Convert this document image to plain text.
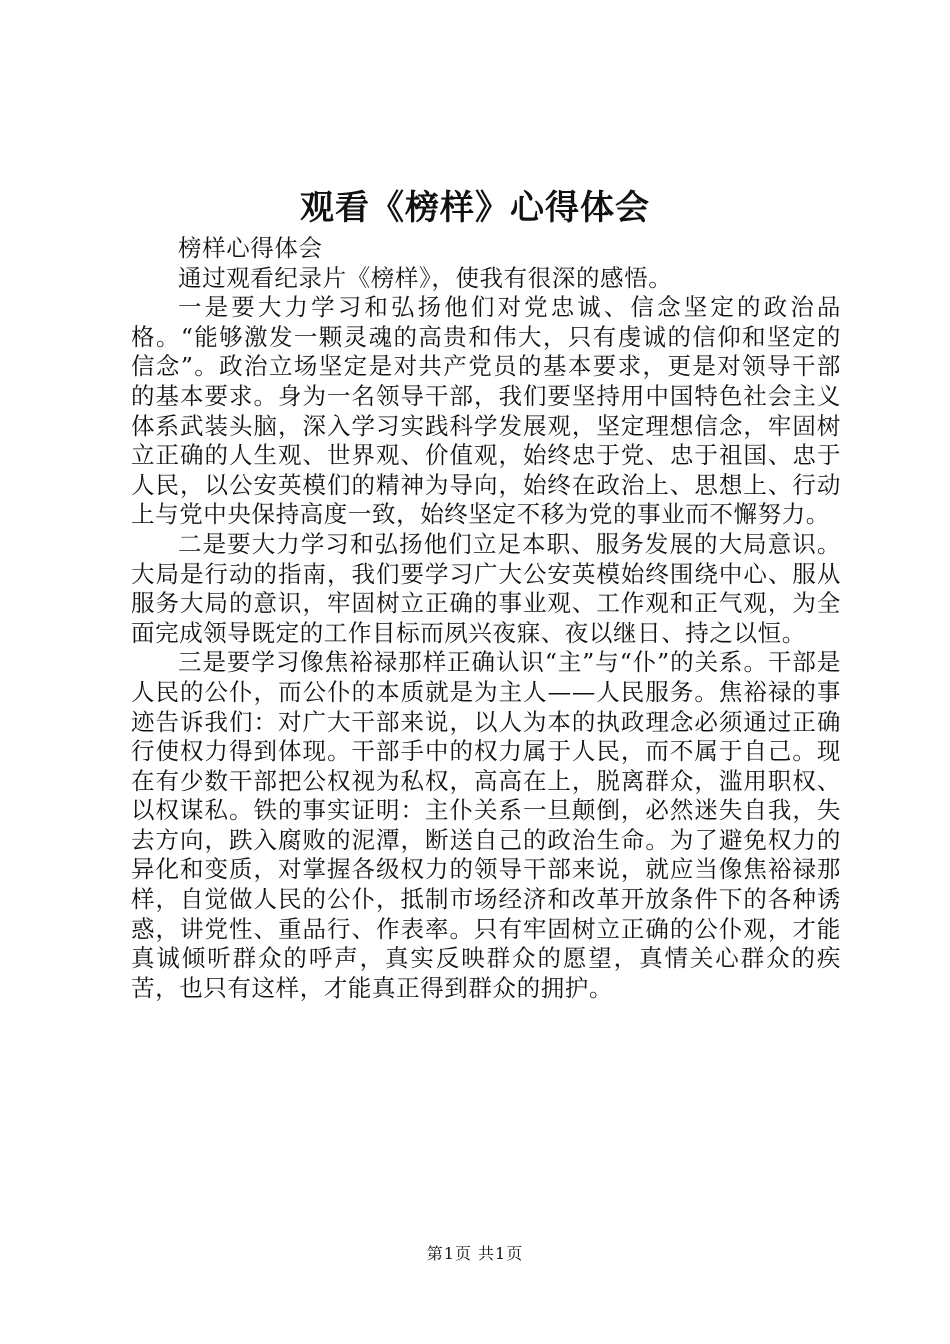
观看《榜样》心得体会

榜样心得体会

通过观看纪录片《榜样》，使我有很深的感悟。

一是要大力学习和弘扬他们对党忠诚、信念坚定的政治品格。“能够激发一颗灵魂的高贵和伟大，只有虔诚的信仰和坚定的信念”。政治立场坚定是对共产党员的基本要求，更是对领导干部的基本要求。身为一名领导干部，我们要坚持用中国特色社会主义体系武装头脑，深入学习实践科学发展观，坚定理想信念，牢固树立正确的人生观、世界观、价值观，始终忠于党、忠于祖国、忠于人民，以公安英模们的精神为导向，始终在政治上、思想上、行动上与党中央保持高度一致，始终坚定不移为党的事业而不懈努力。

二是要大力学习和弘扬他们立足本职、服务发展的大局意识。大局是行动的指南，我们要学习广大公安英模始终围绕中心、服从服务大局的意识，牢固树立正确的事业观、工作观和正气观，为全面完成领导既定的工作目标而夙兴夜寐、夜以继日、持之以恒。

三是要学习像焦裕禄那样正确认识“主”与“仆”的关系。干部是人民的公仆，而公仆的本质就是为主人——人民服务。焦裕禄的事迹告诉我们：对广大干部来说，以人为本的执政理念必须通过正确行使权力得到体现。干部手中的权力属于人民，而不属于自己。现在有少数干部把公权视为私权，高高在上，脱离群众，滥用职权、以权谋私。铁的事实证明：主仆关系一旦颠倒，必然迷失自我，失去方向，跌入腐败的泥潭，断送自己的政治生命。为了避免权力的异化和变质，对掌握各级权力的领导干部来说，就应当像焦裕禄那样，自觉做人民的公仆，抵制市场经济和改革开放条件下的各种诱惑，讲党性、重品行、作表率。只有牢固树立正确的公仆观，才能真诚倾听群众的呼声，真实反映群众的愿望，真情关心群众的疾苦，也只有这样，才能真正得到群众的拥护。

第1页 共1页
